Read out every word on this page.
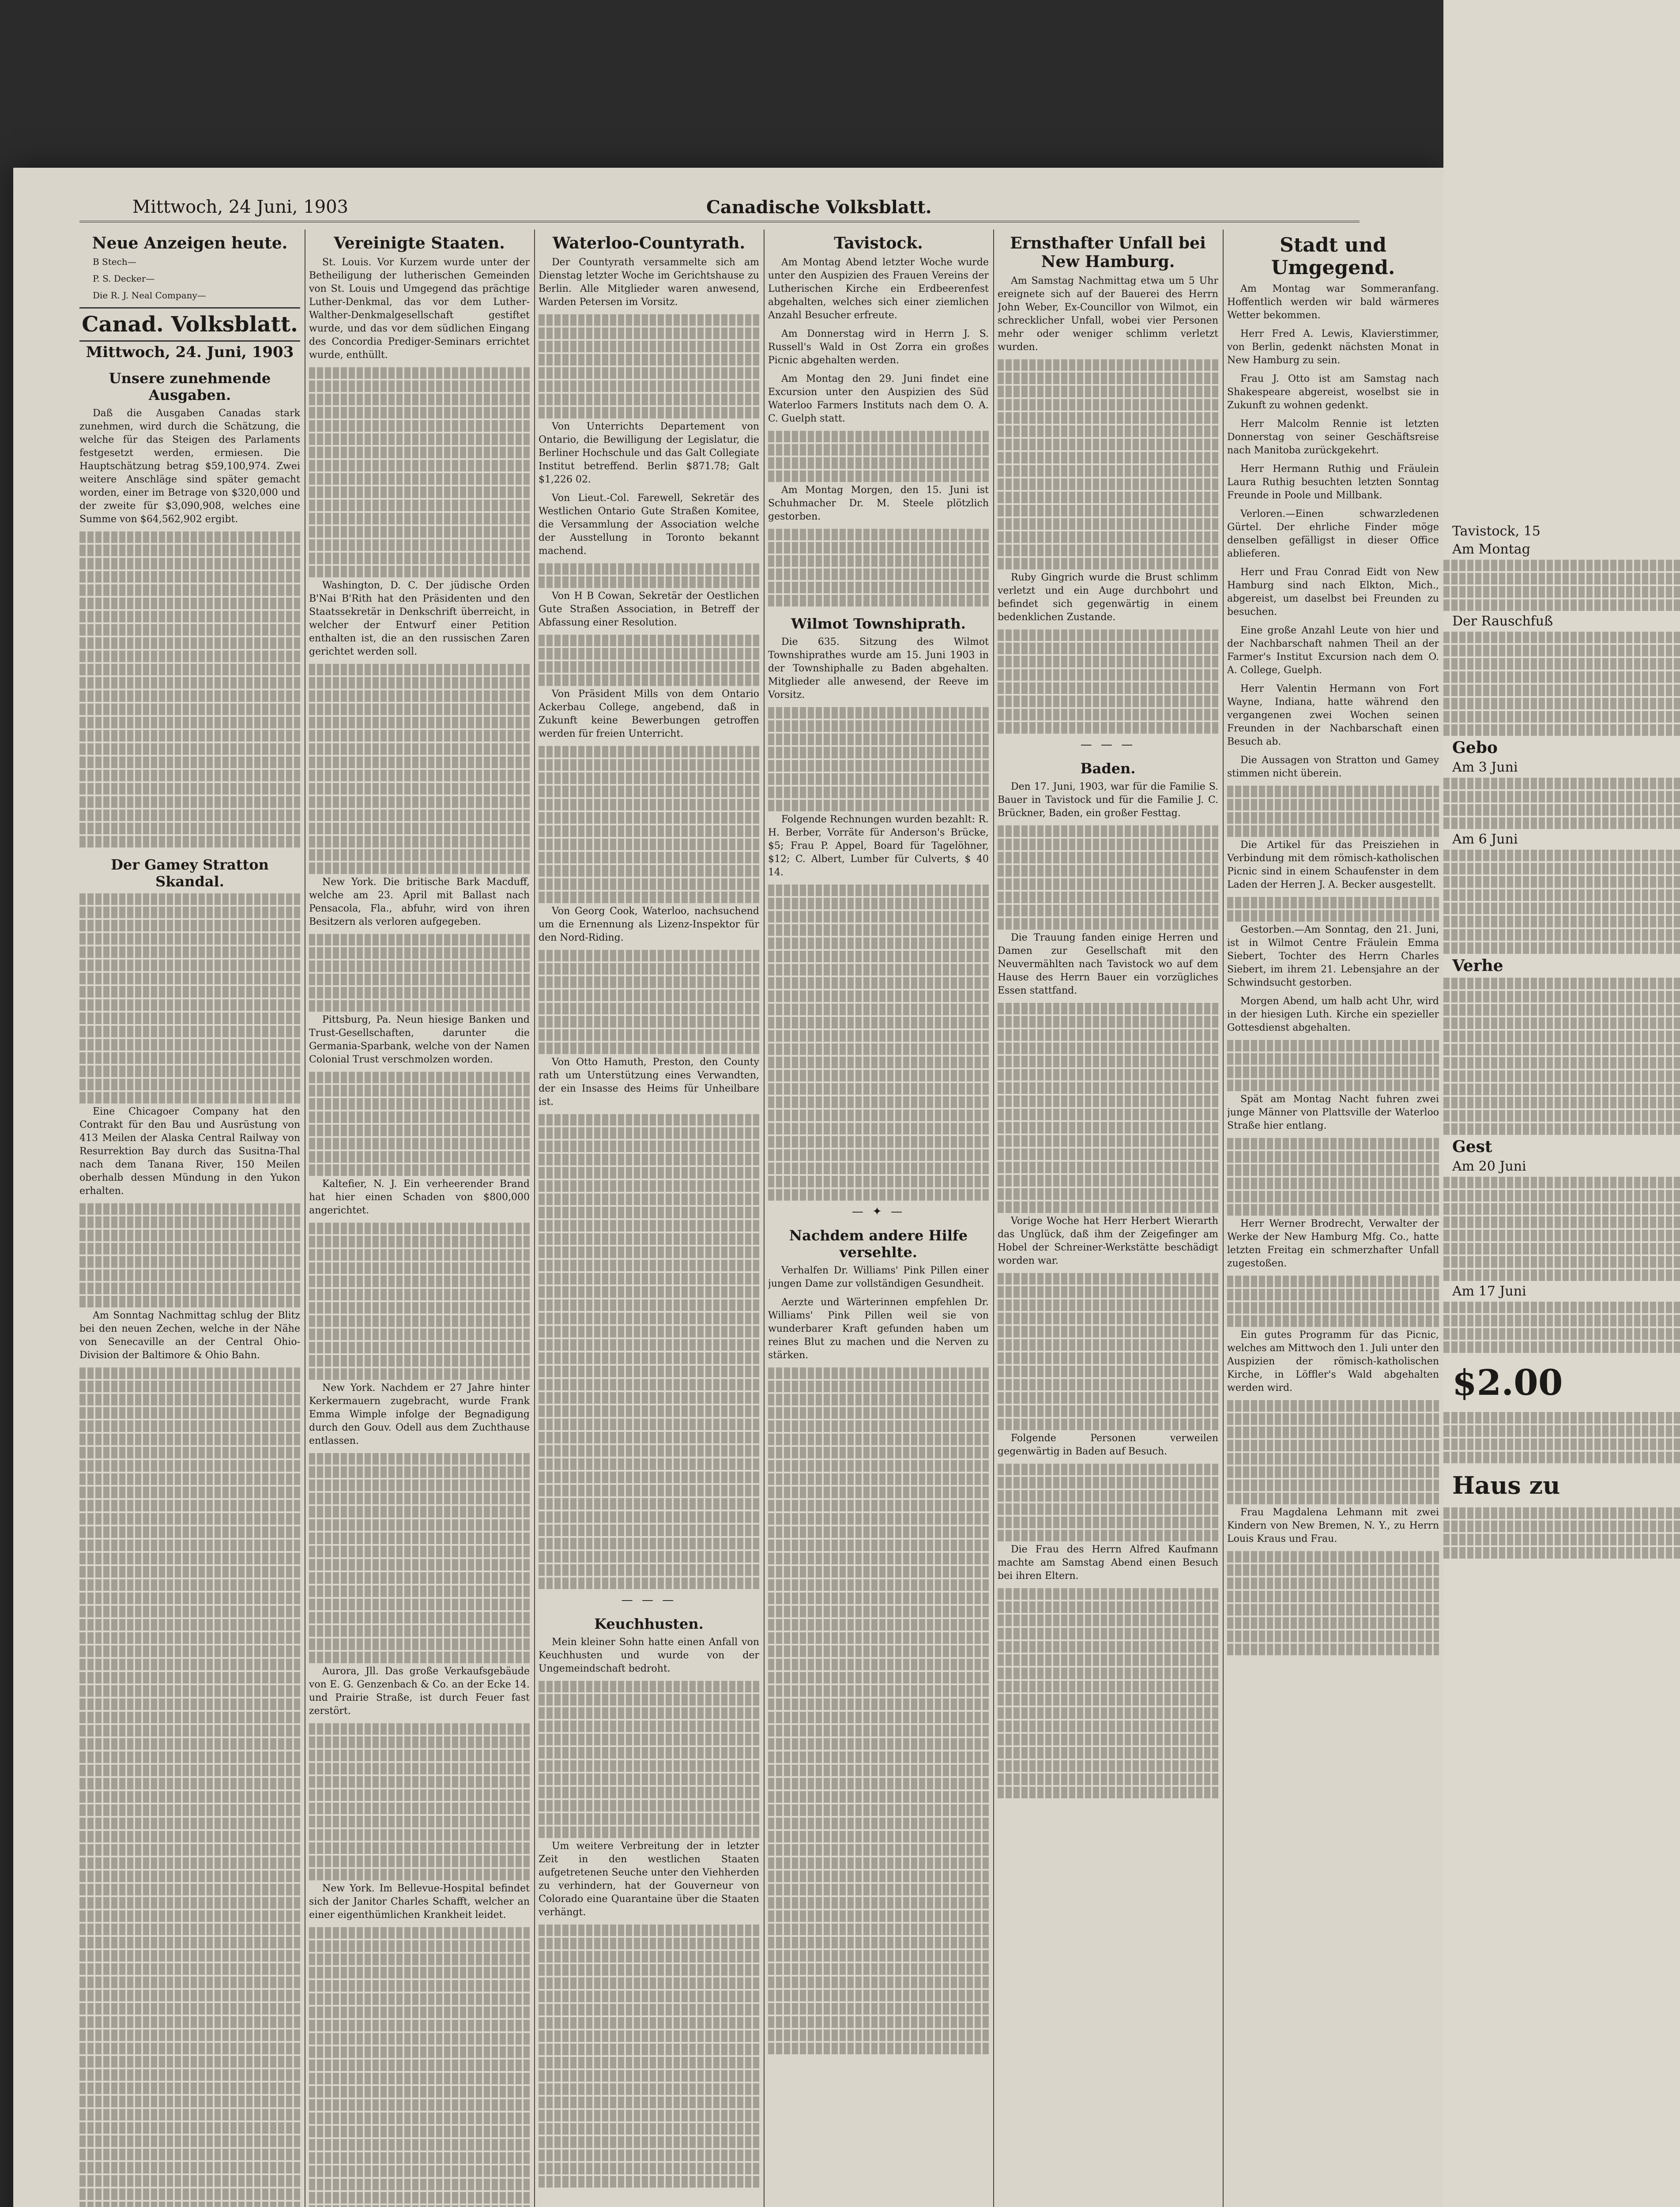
Mittwoch, 24 Juni, 1903	Canadische Volksblatt.
Neue Anzeigen heute.

B Stech—

P. S. Decker—

Die R. J. Neal Company—

Canad. Volksblatt.
Mittwoch, 24. Juni, 1903
Unsere zunehmende Ausgaben.

Daß die Ausgaben Canadas stark zunehmen, wird durch die Schätzung, die welche für das Steigen des Parlaments festgesetzt werden, ermiesen. Die Hauptschätzung betrag $59,100,974. Zwei weitere Anschläge sind später gemacht worden, einer im Betrage von $320,000 und der zweite für $3,090,908, welches eine Summe von $64,562,902 ergibt.

Der Gamey Stratton Skandal.

Eine Chicagoer Company hat den Contrakt für den Bau und Ausrüstung von 413 Meilen der Alaska Central Railway von Resurrektion Bay durch das Susitna-Thal nach dem Tanana River, 150 Meilen oberhalb dessen Mündung in den Yukon erhalten.

Am Sonntag Nachmittag schlug der Blitz bei den neuen Zechen, welche in der Nähe von Senecaville an der Central Ohio-Division der Baltimore & Ohio Bahn.

Vereinigte Staaten.

St. Louis. Vor Kurzem wurde unter der Betheiligung der lutherischen Gemeinden von St. Louis und Umgegend das prächtige Luther-Denkmal, das vor dem Luther-Walther-Denkmalgesellschaft gestiftet wurde, und das vor dem südlichen Eingang des Concordia Prediger-Seminars errichtet wurde, enthüllt.

Washington, D. C. Der jüdische Orden B'Nai B'Rith hat den Präsidenten und den Staatssekretär in Denkschrift überreicht, in welcher der Entwurf einer Petition enthalten ist, die an den russischen Zaren gerichtet werden soll.

New York. Die britische Bark Macduff, welche am 23. April mit Ballast nach Pensacola, Fla., abfuhr, wird von ihren Besitzern als verloren aufgegeben.

Pittsburg, Pa. Neun hiesige Banken und Trust-Gesellschaften, darunter die Germania-Sparbank, welche von der Namen Colonial Trust verschmolzen worden.

Kaltefier, N. J. Ein verheerender Brand hat hier einen Schaden von $800,000 angerichtet.

New York. Nachdem er 27 Jahre hinter Kerkermauern zugebracht, wurde Frank Emma Wimple infolge der Begnadigung durch den Gouv. Odell aus dem Zuchthause entlassen.

Aurora, Jll. Das große Verkaufsgebäude von E. G. Genzenbach & Co. an der Ecke 14. und Prairie Straße, ist durch Feuer fast zerstört.

New York. Im Bellevue-Hospital befindet sich der Janitor Charles Schafft, welcher an einer eigenthümlichen Krankheit leidet.

Waterloo-Countyrath.

Der Countyrath versammelte sich am Dienstag letzter Woche im Gerichtshause zu Berlin. Alle Mitglieder waren anwesend, Warden Petersen im Vorsitz.

Von Unterrichts Departement von Ontario, die Bewilligung der Legislatur, die Berliner Hochschule und das Galt Collegiate Institut betreffend. Berlin $871.78; Galt $1,226 02.

Von Lieut.-Col. Farewell, Sekretär des Westlichen Ontario Gute Straßen Komitee, die Versammlung der Association welche der Ausstellung in Toronto bekannt machend.

Von H B Cowan, Sekretär der Oestlichen Gute Straßen Association, in Betreff der Abfassung einer Resolution.

Von Präsident Mills von dem Ontario Ackerbau College, angebend, daß in Zukunft keine Bewerbungen getroffen werden für freien Unterricht.

Von Georg Cook, Waterloo, nachsuchend um die Ernennung als Lizenz-Inspektor für den Nord-Riding.

Von Otto Hamuth, Preston, den County rath um Unterstützung eines Verwandten, der ein Insasse des Heims für Unheilbare ist.

— — —
Keuchhusten.

Mein kleiner Sohn hatte einen Anfall von Keuchhusten und wurde von der Ungemeindschaft bedroht.

Um weitere Verbreitung der in letzter Zeit in den westlichen Staaten aufgetretenen Seuche unter den Viehherden zu verhindern, hat der Gouverneur von Colorado eine Quarantaine über die Staaten verhängt.

Tavistock.

Am Montag Abend letzter Woche wurde unter den Auspizien des Frauen Vereins der Lutherischen Kirche ein Erdbeerenfest abgehalten, welches sich einer ziemlichen Anzahl Besucher erfreute.

Am Donnerstag wird in Herrn J. S. Russell's Wald in Ost Zorra ein großes Picnic abgehalten werden.

Am Montag den 29. Juni findet eine Excursion unter den Auspizien des Süd Waterloo Farmers Instituts nach dem O. A. C. Guelph statt.

Am Montag Morgen, den 15. Juni ist Schuhmacher Dr. M. Steele plötzlich gestorben.

Wilmot Townshiprath.

Die 635. Sitzung des Wilmot Townshiprathes wurde am 15. Juni 1903 in der Townshiphalle zu Baden abgehalten. Mitglieder alle anwesend, der Reeve im Vorsitz.

Folgende Rechnungen wurden bezahlt: R. H. Berber, Vorräte für Anderson's Brücke, $5; Frau P. Appel, Board für Tagelöhner, $12; C. Albert, Lumber für Culverts, $ 40 14.

— ✦ —
Nachdem andere Hilfe versehlte.

Verhalfen Dr. Williams' Pink Pillen einer jungen Dame zur vollständigen Gesundheit.

Aerzte und Wärterinnen empfehlen Dr. Williams' Pink Pillen weil sie von wunderbarer Kraft gefunden haben um reines Blut zu machen und die Nerven zu stärken.

Ernsthafter Unfall bei New Hamburg.

Am Samstag Nachmittag etwa um 5 Uhr ereignete sich auf der Bauerei des Herrn John Weber, Ex-Councillor von Wilmot, ein schrecklicher Unfall, wobei vier Personen mehr oder weniger schlimm verletzt wurden.

Ruby Gingrich wurde die Brust schlimm verletzt und ein Auge durchbohrt und befindet sich gegenwärtig in einem bedenklichen Zustande.

— — —
Baden.

Den 17. Juni, 1903, war für die Familie S. Bauer in Tavistock und für die Familie J. C. Brückner, Baden, ein großer Festtag.

Die Trauung fanden einige Herren und Damen zur Gesellschaft mit den Neuvermählten nach Tavistock wo auf dem Hause des Herrn Bauer ein vorzügliches Essen stattfand.

Vorige Woche hat Herr Herbert Wierarth das Unglück, daß ihm der Zeigefinger am Hobel der Schreiner-Werkstätte beschädigt worden war.

Folgende Personen verweilen gegenwärtig in Baden auf Besuch.

Die Frau des Herrn Alfred Kaufmann machte am Samstag Abend einen Besuch bei ihren Eltern.

Stadt und Umgegend.

Am Montag war Sommeranfang. Hoffentlich werden wir bald wärmeres Wetter bekommen.

Herr Fred A. Lewis, Klavierstimmer, von Berlin, gedenkt nächsten Monat in New Hamburg zu sein.

Frau J. Otto ist am Samstag nach Shakespeare abgereist, woselbst sie in Zukunft zu wohnen gedenkt.

Herr Malcolm Rennie ist letzten Donnerstag von seiner Geschäftsreise nach Manitoba zurückgekehrt.

Herr Hermann Ruthig und Fräulein Laura Ruthig besuchten letzten Sonntag Freunde in Poole und Millbank.

Verloren.—Einen schwarzledenen Gürtel. Der ehrliche Finder möge denselben gefälligst in dieser Office ablieferen.

Herr und Frau Conrad Eidt von New Hamburg sind nach Elkton, Mich., abgereist, um daselbst bei Freunden zu besuchen.

Eine große Anzahl Leute von hier und der Nachbarschaft nahmen Theil an der Farmer's Institut Excursion nach dem O. A. College, Guelph.

Herr Valentin Hermann von Fort Wayne, Indiana, hatte während den vergangenen zwei Wochen seinen Freunden in der Nachbarschaft einen Besuch ab.

Die Aussagen von Stratton und Gamey stimmen nicht überein.

Die Artikel für das Preisziehen in Verbindung mit dem römisch-katholischen Picnic sind in einem Schaufenster in dem Laden der Herren J. A. Becker ausgestellt.

Gestorben.—Am Sonntag, den 21. Juni, ist in Wilmot Centre Fräulein Emma Siebert, Tochter des Herrn Charles Siebert, im ihrem 21. Lebensjahre an der Schwindsucht gestorben.

Morgen Abend, um halb acht Uhr, wird in der hiesigen Luth. Kirche ein spezieller Gottesdienst abgehalten.

Spät am Montag Nacht fuhren zwei junge Männer von Plattsville der Waterloo Straße hier entlang.

Herr Werner Brodrecht, Verwalter der Werke der New Hamburg Mfg. Co., hatte letzten Freitag ein schmerzhafter Unfall zugestoßen.

Ein gutes Programm für das Picnic, welches am Mittwoch den 1. Juli unter den Auspizien der römisch-katholischen Kirche, in Löffler's Wald abgehalten werden wird.

Frau Magdalena Lehmann mit zwei Kindern von New Bremen, N. Y., zu Herrn Louis Kraus und Frau.

Tavistock, 15
Am Montag
Der Rauschfuß
Gebo
Am 3 Juni
Am 6 Juni
Verhe
Gest
Am 20 Juni
Am 17 Juni
$2.00
Haus zu
